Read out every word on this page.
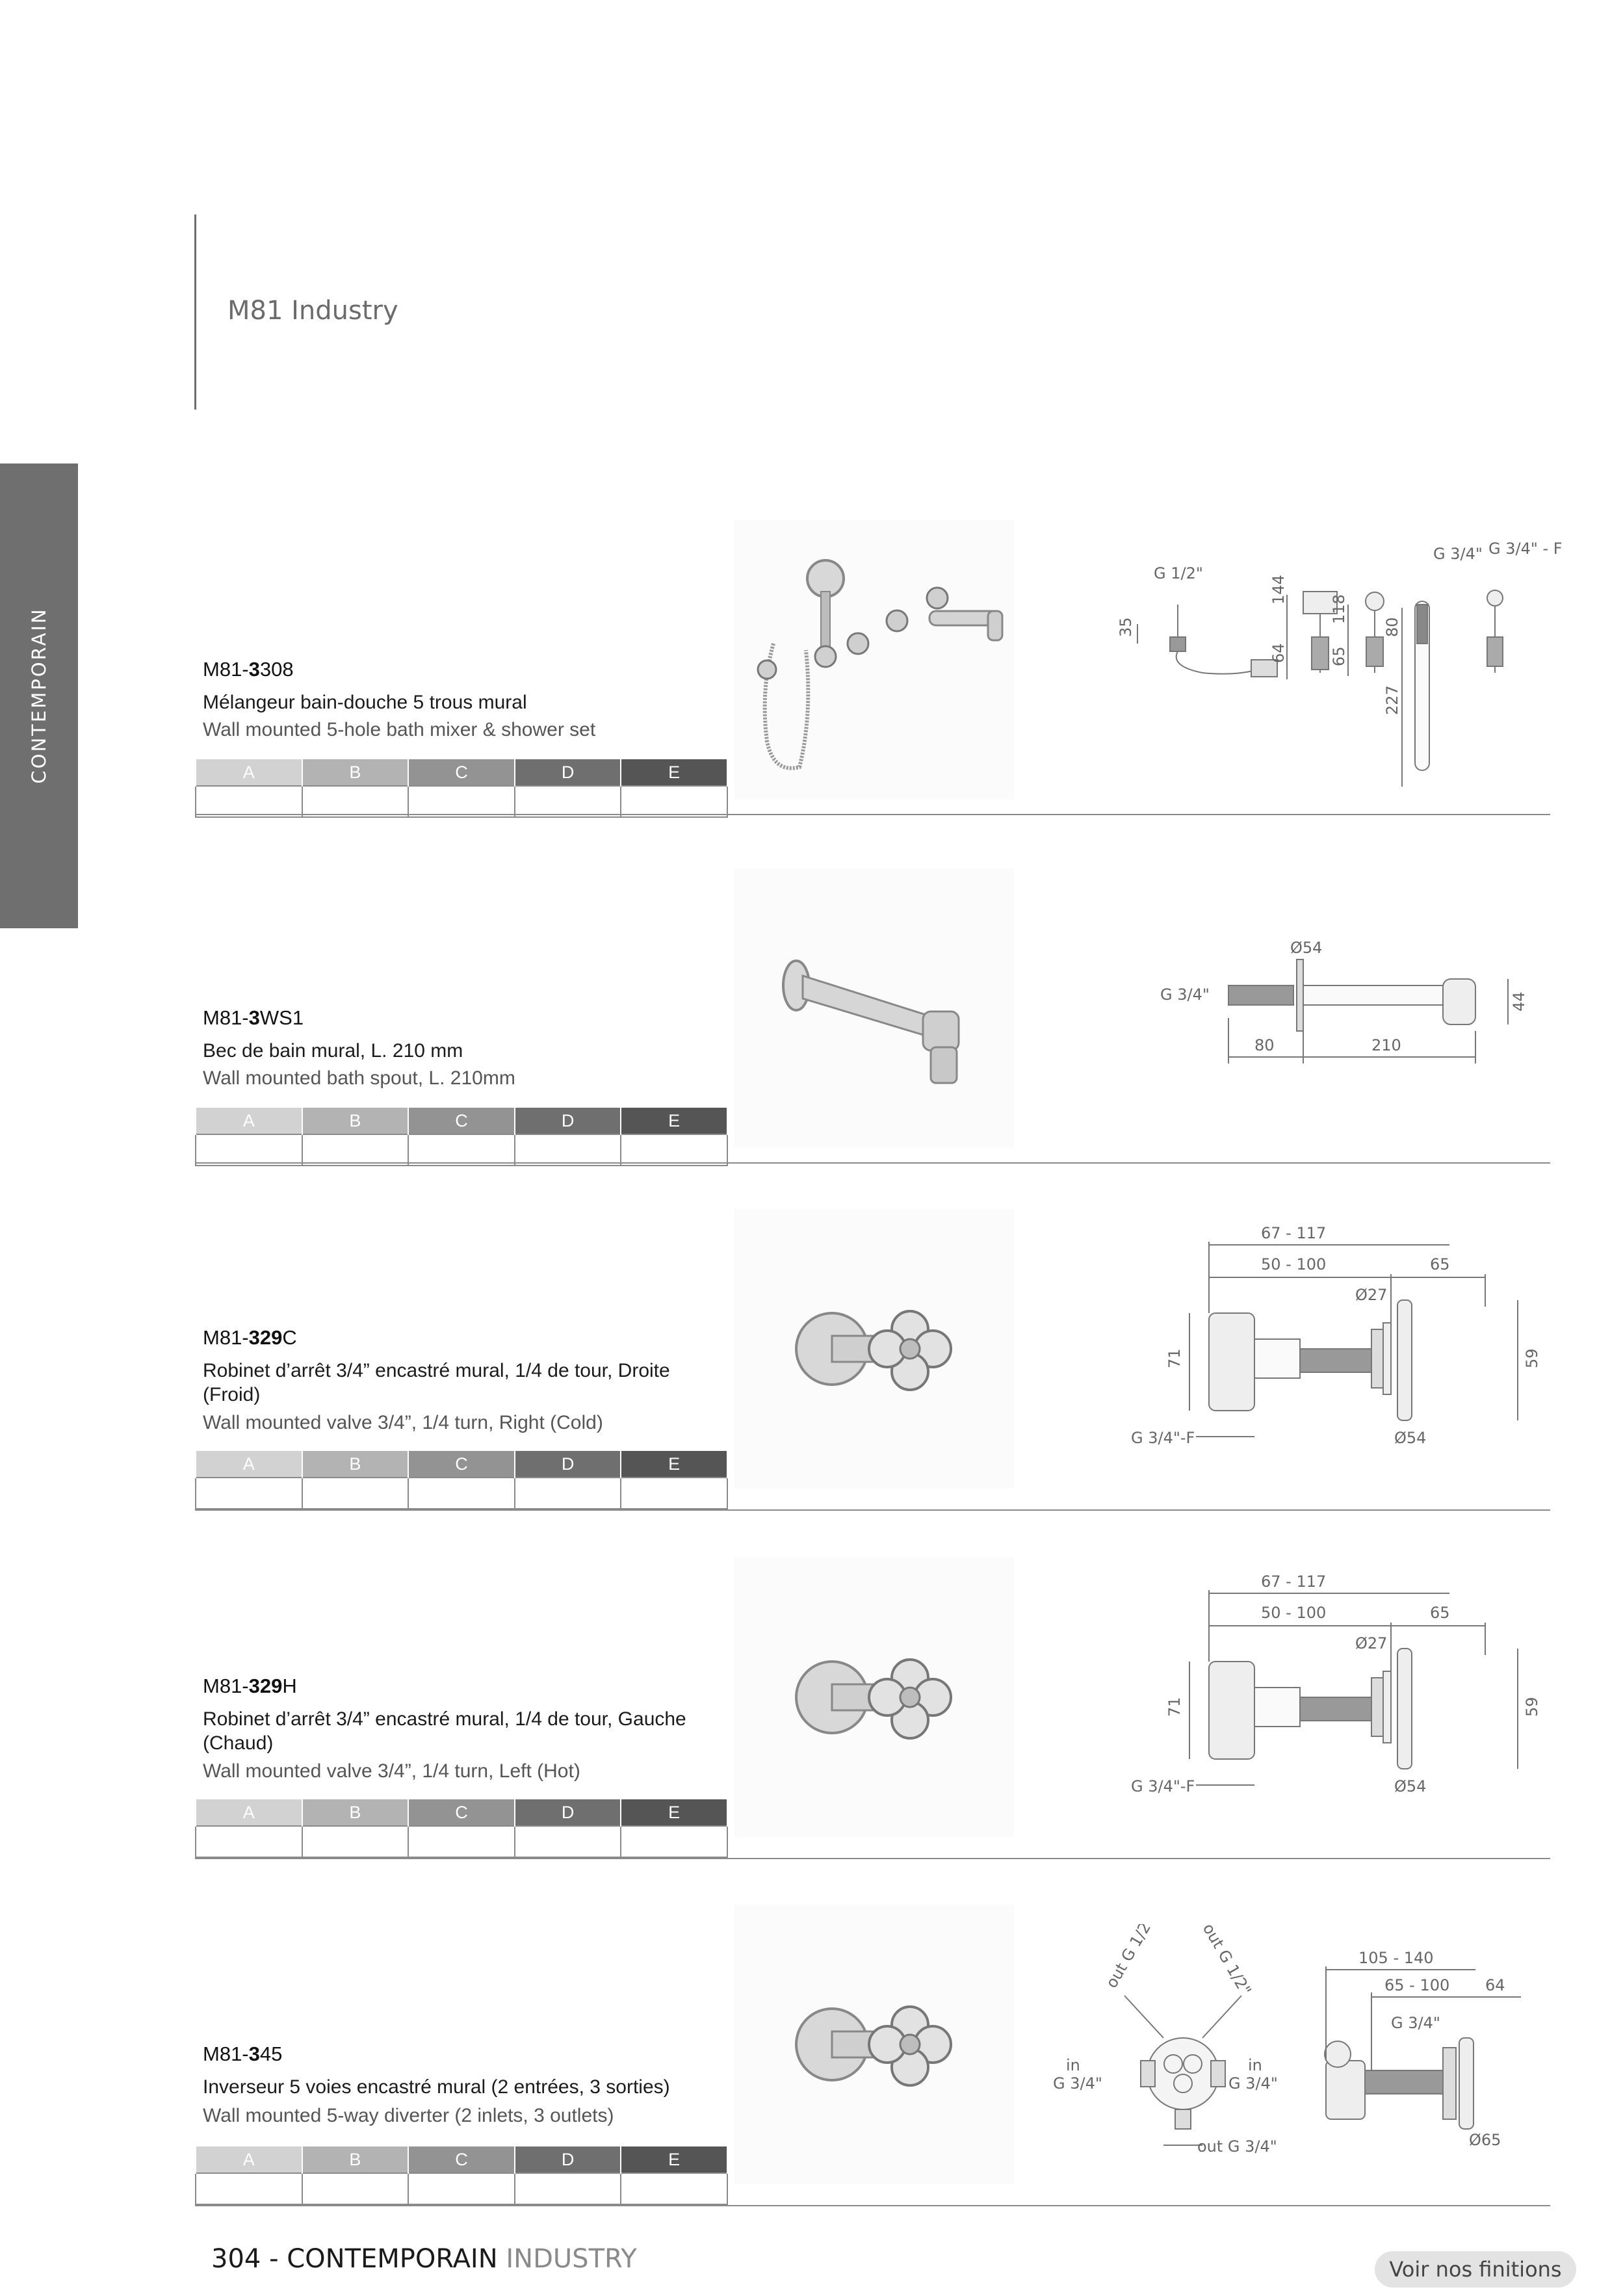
M81 Industry
CONTEMPORAIN	M81-3308
Mélangeur bain-douche 5 trous mural
Wall mounted 5-hole bath mixer & shower set
A	B	C	D	E

G 1/2"
35
144
64
118
65
80
227
G 3/4" G 3/4" - F
M81-3WS1
Bec de bain mural, L. 210 mm
Wall mounted bath spout, L. 210mm
A	B	C	D	E

Ø54
G 3/4"	44
80	210
M81-329C
Robinet d’arrêt 3/4” encastré mural, 1/4 de tour, Droite (Froid)
Wall mounted valve 3/4”, 1/4 turn, Right (Cold)
A	B	C	D	E

67 - 117
50 - 100	65
Ø27
71	59
Ø54
G 3/4"-F
M81-329H
Robinet d’arrêt 3/4” encastré mural, 1/4 de tour, Gauche (Chaud)
Wall mounted valve 3/4”, 1/4 turn, Left (Hot)
A	B	C	D	E

67 - 117
50 - 100	65
Ø27
71	59
Ø54
G 3/4"-F
M81-345
Inverseur 5 voies encastré mural (2 entrées, 3 sorties)
Wall mounted 5-way diverter (2 inlets, 3 outlets)
A	B	C	D	E

out G 1/2"	out G 1/2"
in
G 3/4"
in
G 3/4"
out G 3/4"
105 - 140
65 - 100 64
G 3/4"
Ø65
304 - CONTEMPORAIN INDUSTRY	Voir nos finitions
